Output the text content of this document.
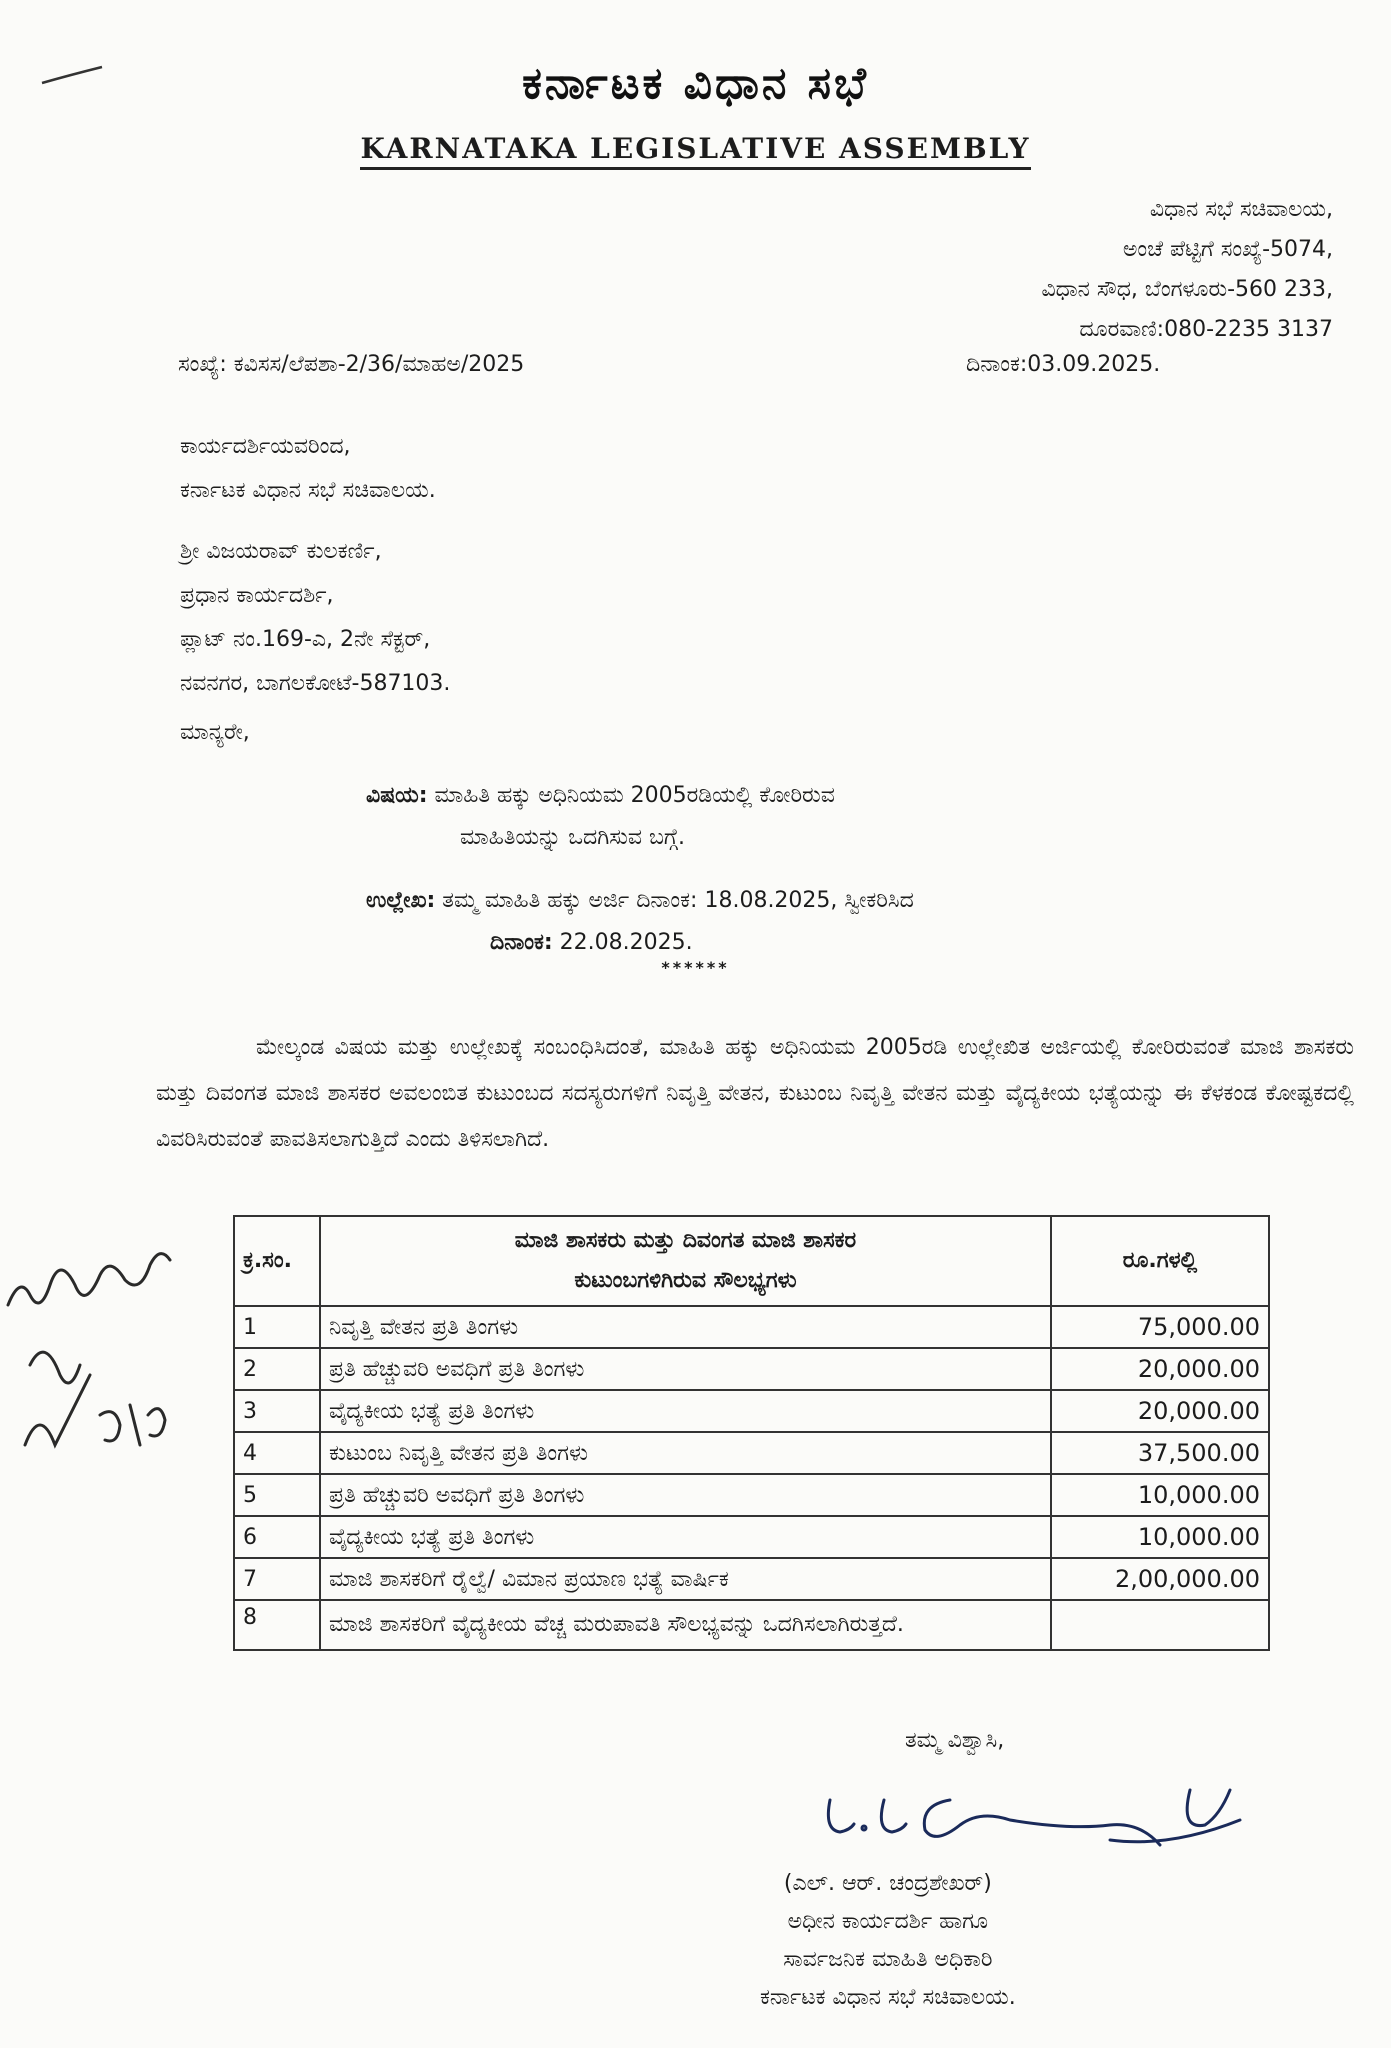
ಕರ್ನಾಟಕ ವಿಧಾನ ಸಭೆ
KARNATAKA LEGISLATIVE ASSEMBLY
ವಿಧಾನ ಸಭೆ ಸಚಿವಾಲಯ,
ಅಂಚೆ ಪೆಟ್ಟಿಗೆ ಸಂಖ್ಯೆ-5074,
ವಿಧಾನ ಸೌಧ, ಬೆಂಗಳೂರು-560 233,
ದೂರವಾಣಿ:080-2235 3137
ಸಂಖ್ಯೆ: ಕವಿಸಸ/ಲೆಪಶಾ-2/36/ಮಾಹಅ/2025	ದಿನಾಂಕ:03.09.2025.
ಕಾರ್ಯದರ್ಶಿಯವರಿಂದ,
ಕರ್ನಾಟಕ ವಿಧಾನ ಸಭೆ ಸಚಿವಾಲಯ.
ಶ್ರೀ ವಿಜಯರಾವ್ ಕುಲಕರ್ಣಿ,
ಪ್ರಧಾನ ಕಾರ್ಯದರ್ಶಿ,
ಪ್ಲಾಟ್ ನಂ.169-ಎ, 2ನೇ ಸೆಕ್ಟರ್,
ನವನಗರ, ಬಾಗಲಕೋಟೆ-587103.
ಮಾನ್ಯರೇ,
ವಿಷಯ: ಮಾಹಿತಿ ಹಕ್ಕು ಅಧಿನಿಯಮ 2005ರಡಿಯಲ್ಲಿ ಕೋರಿರುವ
ಮಾಹಿತಿಯನ್ನು ಒದಗಿಸುವ ಬಗ್ಗೆ.
ಉಲ್ಲೇಖ: ತಮ್ಮ ಮಾಹಿತಿ ಹಕ್ಕು ಅರ್ಜಿ ದಿನಾಂಕ: 18.08.2025, ಸ್ವೀಕರಿಸಿದ
ದಿನಾಂಕ: 22.08.2025.
******
ಮೇಲ್ಕಂಡ ವಿಷಯ ಮತ್ತು ಉಲ್ಲೇಖಕ್ಕೆ ಸಂಬಂಧಿಸಿದಂತೆ, ಮಾಹಿತಿ ಹಕ್ಕು ಅಧಿನಿಯಮ 2005ರಡಿ ಉಲ್ಲೇಖಿತ ಅರ್ಜಿಯಲ್ಲಿ ಕೋರಿರುವಂತೆ ಮಾಜಿ ಶಾಸಕರು ಮತ್ತು ದಿವಂಗತ ಮಾಜಿ ಶಾಸಕರ ಅವಲಂಬಿತ ಕುಟುಂಬದ ಸದಸ್ಯರುಗಳಿಗೆ ನಿವೃತ್ತಿ ವೇತನ, ಕುಟುಂಬ ನಿವೃತ್ತಿ ವೇತನ ಮತ್ತು ವೈದ್ಯಕೀಯ ಭತ್ಯೆಯನ್ನು ಈ ಕೆಳಕಂಡ ಕೋಷ್ಟಕದಲ್ಲಿ ವಿವರಿಸಿರುವಂತೆ ಪಾವತಿಸಲಾಗುತ್ತಿದೆ ಎಂದು ತಿಳಿಸಲಾಗಿದೆ.
ಕ್ರ.ಸಂ.	ಮಾಜಿ ಶಾಸಕರು ಮತ್ತು ದಿವಂಗತ ಮಾಜಿ ಶಾಸಕರ
ಕುಟುಂಬಗಳಿಗಿರುವ ಸೌಲಭ್ಯಗಳು	ರೂ.ಗಳಲ್ಲಿ
1	ನಿವೃತ್ತಿ ವೇತನ ಪ್ರತಿ ತಿಂಗಳು	75,000.00
2	ಪ್ರತಿ ಹೆಚ್ಚುವರಿ ಅವಧಿಗೆ ಪ್ರತಿ ತಿಂಗಳು	20,000.00
3	ವೈದ್ಯಕೀಯ ಭತ್ಯೆ ಪ್ರತಿ ತಿಂಗಳು	20,000.00
4	ಕುಟುಂಬ ನಿವೃತ್ತಿ ವೇತನ ಪ್ರತಿ ತಿಂಗಳು	37,500.00
5	ಪ್ರತಿ ಹೆಚ್ಚುವರಿ ಅವಧಿಗೆ ಪ್ರತಿ ತಿಂಗಳು	10,000.00
6	ವೈದ್ಯಕೀಯ ಭತ್ಯೆ ಪ್ರತಿ ತಿಂಗಳು	10,000.00
7	ಮಾಜಿ ಶಾಸಕರಿಗೆ ರೈಲ್ವೆ/ ವಿಮಾನ ಪ್ರಯಾಣ ಭತ್ಯೆ ವಾರ್ಷಿಕ	2,00,000.00
8	ಮಾಜಿ ಶಾಸಕರಿಗೆ ವೈದ್ಯಕೀಯ ವೆಚ್ಚ ಮರುಪಾವತಿ ಸೌಲಭ್ಯವನ್ನು ಒದಗಿಸಲಾಗಿರುತ್ತದೆ.	
ತಮ್ಮ ವಿಶ್ವಾಸಿ,
(ಎಲ್. ಆರ್. ಚಂದ್ರಶೇಖರ್)
ಅಧೀನ ಕಾರ್ಯದರ್ಶಿ ಹಾಗೂ
ಸಾರ್ವಜನಿಕ ಮಾಹಿತಿ ಅಧಿಕಾರಿ
ಕರ್ನಾಟಕ ವಿಧಾನ ಸಭೆ ಸಚಿವಾಲಯ.
